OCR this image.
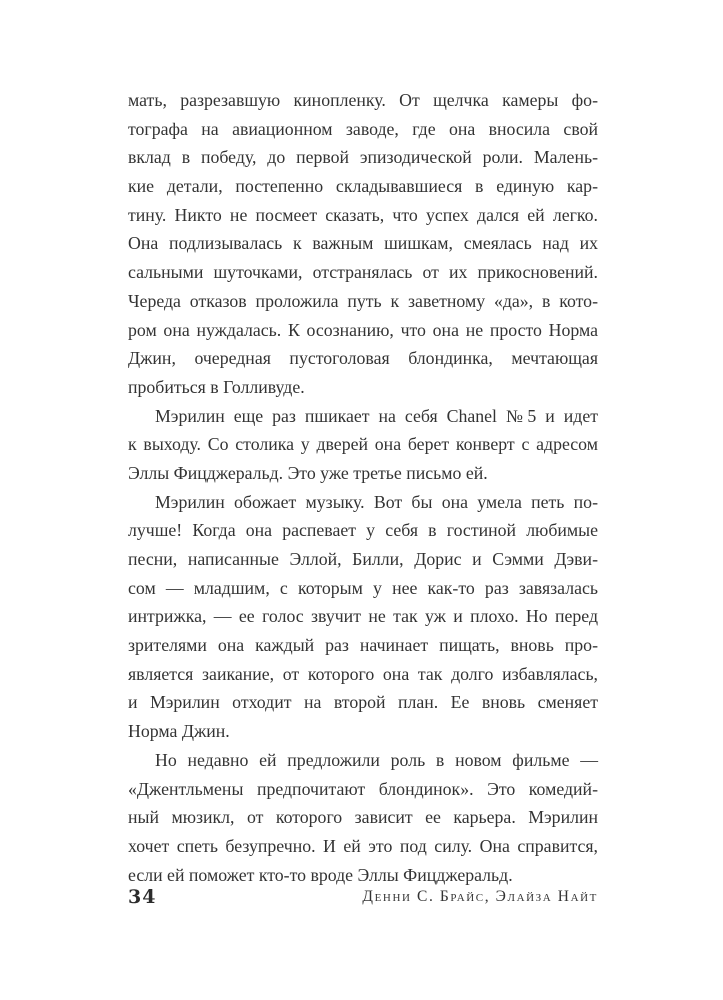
мать, разрезавшую кинопленку. От щелчка камеры фо-
тографа на авиационном заводе, где она вносила свой
вклад в победу, до первой эпизодической роли. Малень-
кие детали, постепенно складывавшиеся в единую кар-
тину. Никто не посмеет сказать, что успех дался ей легко.
Она подлизывалась к важным шишкам, смеялась над их
сальными шуточками, отстранялась от их прикосновений.
Череда отказов проложила путь к заветному «да», в кото-
ром она нуждалась. К осознанию, что она не просто Норма
Джин, очередная пустоголовая блондинка, мечтающая
пробиться в Голливуде.
Мэрилин еще раз пшикает на себя Chanel №5 и идет
к выходу. Со столика у дверей она берет конверт с адресом
Эллы Фицджеральд. Это уже третье письмо ей.
Мэрилин обожает музыку. Вот бы она умела петь по-
лучше! Когда она распевает у себя в гостиной любимые
песни, написанные Эллой, Билли, Дорис и Сэмми Дэви-
сом — младшим, с которым у нее как-то раз завязалась
интрижка, — ее голос звучит не так уж и плохо. Но перед
зрителями она каждый раз начинает пищать, вновь про-
является заикание, от которого она так долго избавлялась,
и Мэрилин отходит на второй план. Ее вновь сменяет
Норма Джин.
Но недавно ей предложили роль в новом фильме —
«Джентльмены предпочитают блондинок». Это комедий-
ный мюзикл, от которого зависит ее карьера. Мэрилин
хочет спеть безупречно. И ей это под силу. Она справится,
если ей поможет кто-то вроде Эллы Фицджеральд.
34	Денни С. Брайс, Элайза Найт
